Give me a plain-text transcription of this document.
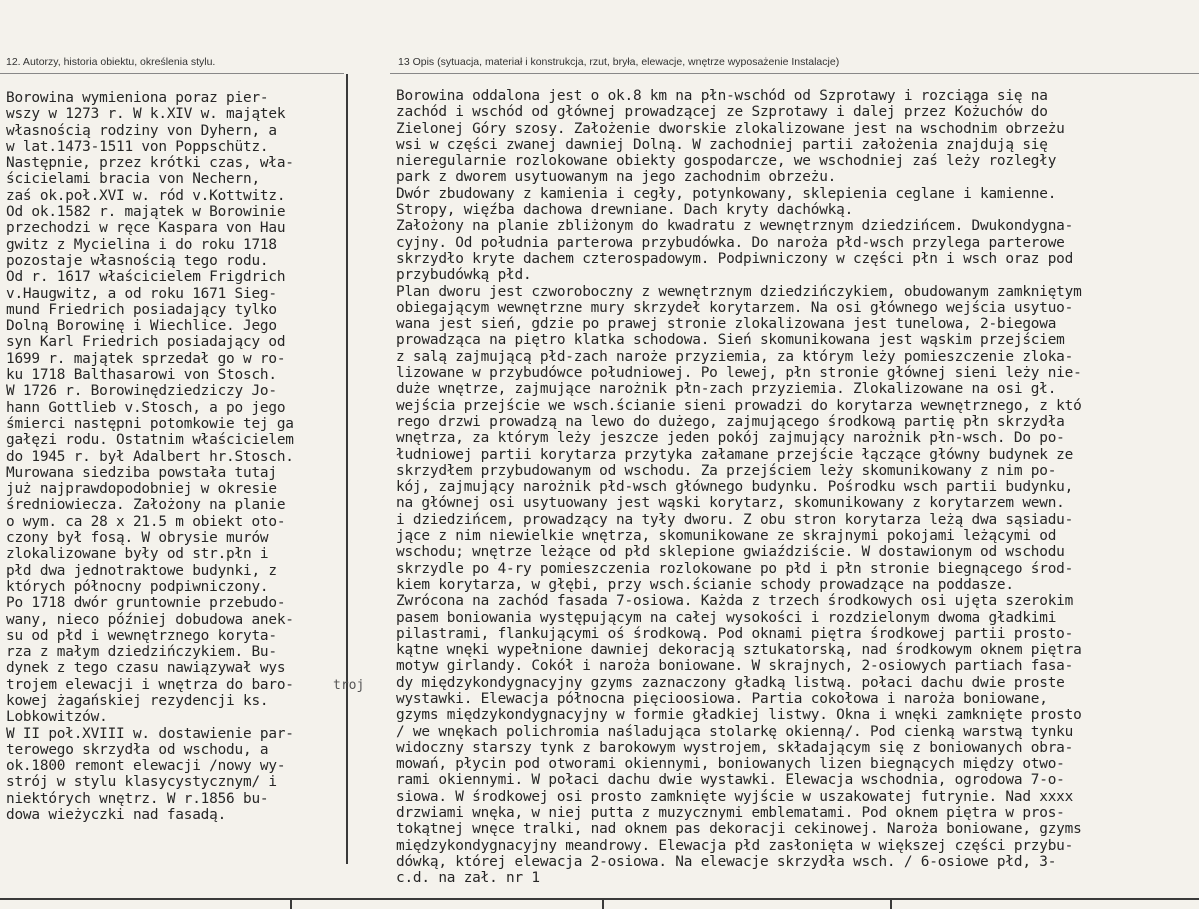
12. Autorzy, historia obiektu, określenia stylu.	13 Opis (sytuacja, materiał i konstrukcja, rzut, bryła, elewacje, wnętrze wyposażenie Instalacje)
Borowina wymieniona poraz pier-
wszy w 1273 r. W k.XIV w. majątek
własnością rodziny von Dyhern, a
w lat.1473-1511 von Poppschütz.
Następnie, przez krótki czas, wła-
ścicielami bracia von Nechern,
zaś ok.poł.XVI w. ród v.Kottwitz.
Od ok.1582 r. majątek w Borowinie
przechodzi w ręce Kaspara von Hau
gwitz z Mycielina i do roku 1718
pozostaje własnością tego rodu.
Od r. 1617 właścicielem Frigdrich
v.Haugwitz, a od roku 1671 Sieg-
mund Friedrich posiadający tylko
Dolną Borowinę i Wiechlice. Jego
syn Karl Friedrich posiadający od
1699 r. majątek sprzedał go w ro-
ku 1718 Balthasarowi von Stosch.
W 1726 r. Borowinędziedziczy Jo-
hann Gottlieb v.Stosch, a po jego
śmierci następni potomkowie tej ga
gałęzi rodu. Ostatnim właścicielem
do 1945 r. był Adalbert hr.Stosch.
Murowana siedziba powstała tutaj
już najprawdopodobniej w okresie
średniowiecza. Założony na planie
o wym. ca 28 x 21.5 m obiekt oto-
czony był fosą. W obrysie murów
zlokalizowane były od str.płn i
płd dwa jednotraktowe budynki, z
których północny podpiwniczony.
Po 1718 dwór gruntownie przebudo-
wany, nieco później dobudowa anek-
su od płd i wewnętrznego koryta-
rza z małym dziedzińczykiem. Bu-
dynek z tego czasu nawiązywał wys
trojem elewacji i wnętrza do baro-
kowej żagańskiej rezydencji ks.
Lobkowitzów.
W II poł.XVIII w. dostawienie par-
terowego skrzydła od wschodu, a
ok.1800 remont elewacji /nowy wy-
strój w stylu klasycystycznym/ i
niektórych wnętrz. W r.1856 bu-
dowa wieżyczki nad fasadą.
Borowina oddalona jest o ok.8 km na płn-wschód od Szprotawy i rozciąga się na
zachód i wschód od głównej prowadzącej ze Szprotawy i dalej przez Kożuchów do
Zielonej Góry szosy. Założenie dworskie zlokalizowane jest na wschodnim obrzeżu
wsi w części zwanej dawniej Dolną. W zachodniej partii założenia znajdują się
nieregularnie rozlokowane obiekty gospodarcze, we wschodniej zaś leży rozległy
park z dworem usytuowanym na jego zachodnim obrzeżu.
Dwór zbudowany z kamienia i cegły, potynkowany, sklepienia ceglane i kamienne.
Stropy, więźba dachowa drewniane. Dach kryty dachówką.
Założony na planie zbliżonym do kwadratu z wewnętrznym dziedzińcem. Dwukondygna-
cyjny. Od południa parterowa przybudówka. Do naroża płd-wsch przylega parterowe
skrzydło kryte dachem czterospadowym. Podpiwniczony w części płn i wsch oraz pod
przybudówką płd.
Plan dworu jest czworoboczny z wewnętrznym dziedzińczykiem, obudowanym zamkniętym
obiegającym wewnętrzne mury skrzydeł korytarzem. Na osi głównego wejścia usytuo-
wana jest sień, gdzie po prawej stronie zlokalizowana jest tunelowa, 2-biegowa
prowadząca na piętro klatka schodowa. Sień skomunikowana jest wąskim przejściem
z salą zajmującą płd-zach naroże przyziemia, za którym leży pomieszczenie zloka-
lizowane w przybudówce południowej. Po lewej, płn stronie głównej sieni leży nie-
duże wnętrze, zajmujące narożnik płn-zach przyziemia. Zlokalizowane na osi gł.
wejścia przejście we wsch.ścianie sieni prowadzi do korytarza wewnętrznego, z któ
rego drzwi prowadzą na lewo do dużego, zajmującego środkową partię płn skrzydła
wnętrza, za którym leży jeszcze jeden pokój zajmujący narożnik płn-wsch. Do po-
łudniowej partii korytarza przytyka załamane przejście łączące główny budynek ze
skrzydłem przybudowanym od wschodu. Za przejściem leży skomunikowany z nim po-
kój, zajmujący narożnik płd-wsch głównego budynku. Pośrodku wsch partii budynku,
na głównej osi usytuowany jest wąski korytarz, skomunikowany z korytarzem wewn.
i dziedzińcem, prowadzący na tyły dworu. Z obu stron korytarza leżą dwa sąsiadu-
jące z nim niewielkie wnętrza, skomunikowane ze skrajnymi pokojami leżącymi od
wschodu; wnętrze leżące od płd sklepione gwiaździście. W dostawionym od wschodu
skrzydle po 4-ry pomieszczenia rozlokowane po płd i płn stronie biegnącego środ-
kiem korytarza, w głębi, przy wsch.ścianie schody prowadzące na poddasze.
Zwrócona na zachód fasada 7-osiowa. Każda z trzech środkowych osi ujęta szerokim
pasem boniowania występującym na całej wysokości i rozdzielonym dwoma gładkimi
pilastrami, flankującymi oś środkową. Pod oknami piętra środkowej partii prosto-
kątne wnęki wypełnione dawniej dekoracją sztukatorską, nad środkowym oknem piętra
motyw girlandy. Cokół i naroża boniowane. W skrajnych, 2-osiowych partiach fasa-
dy międzykondygnacyjny gzyms zaznaczony gładką listwą. połaci dachu dwie proste
wystawki. Elewacja północna pięcioosiowa. Partia cokołowa i naroża boniowane,
gzyms międzykondygnacyjny w formie gładkiej listwy. Okna i wnęki zamknięte prosto
/ we wnękach polichromia naśladująca stolarkę okienną/. Pod cienką warstwą tynku
widoczny starszy tynk z barokowym wystrojem, składającym się z boniowanych obra-
mowań, płycin pod otworami okiennymi, boniowanych lizen biegnących między otwo-
rami okiennymi. W połaci dachu dwie wystawki. Elewacja wschodnia, ogrodowa 7-o-
siowa. W środkowej osi prosto zamknięte wyjście w uszakowatej futrynie. Nad xxxx
drzwiami wnęka, w niej putta z muzycznymi emblematami. Pod oknem piętra w pros-
tokątnej wnęce tralki, nad oknem pas dekoracji cekinowej. Naroża boniowane, gzyms
międzykondygnacyjny meandrowy. Elewacja płd zasłonięta w większej części przybu-
dówką, której elewacja 2-osiowa. Na elewacje skrzydła wsch. / 6-osiowe płd, 3-
c.d. na zał. nr 1
troj
